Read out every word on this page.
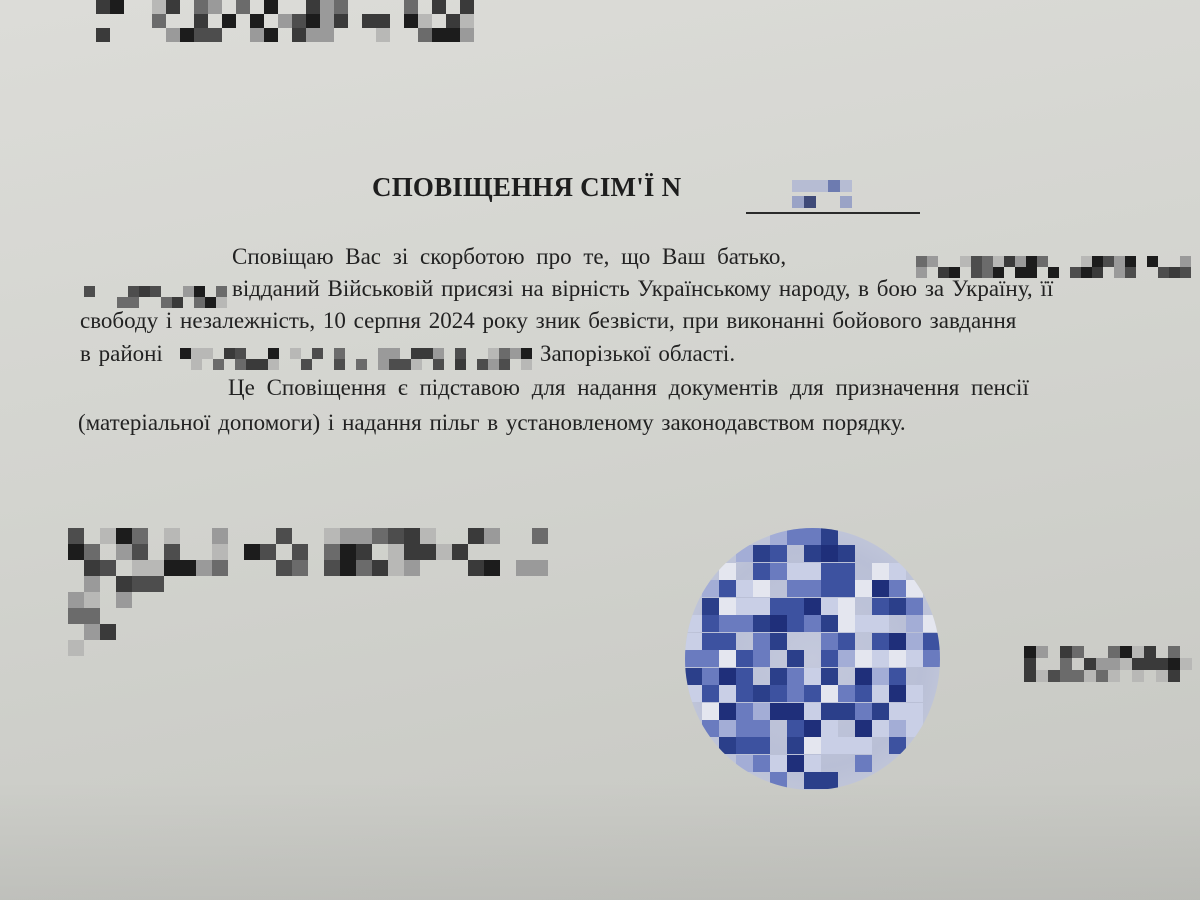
СПОВІЩЕННЯ СІМ'Ї N
Сповіщаю Вас зі скорботою про те, що Ваш батько,
відданий Військовій присязі на вірність Українському народу, в бою за Україну, її
свободу і незалежність, 10 серпня 2024 року зник безвісти, при виконанні бойового завдання
в районі	Запорізької області.
Це Сповіщення є підставою для надання документів для призначення пенсії
(матеріальної допомоги) і надання пільг в установленому законодавством порядку.
